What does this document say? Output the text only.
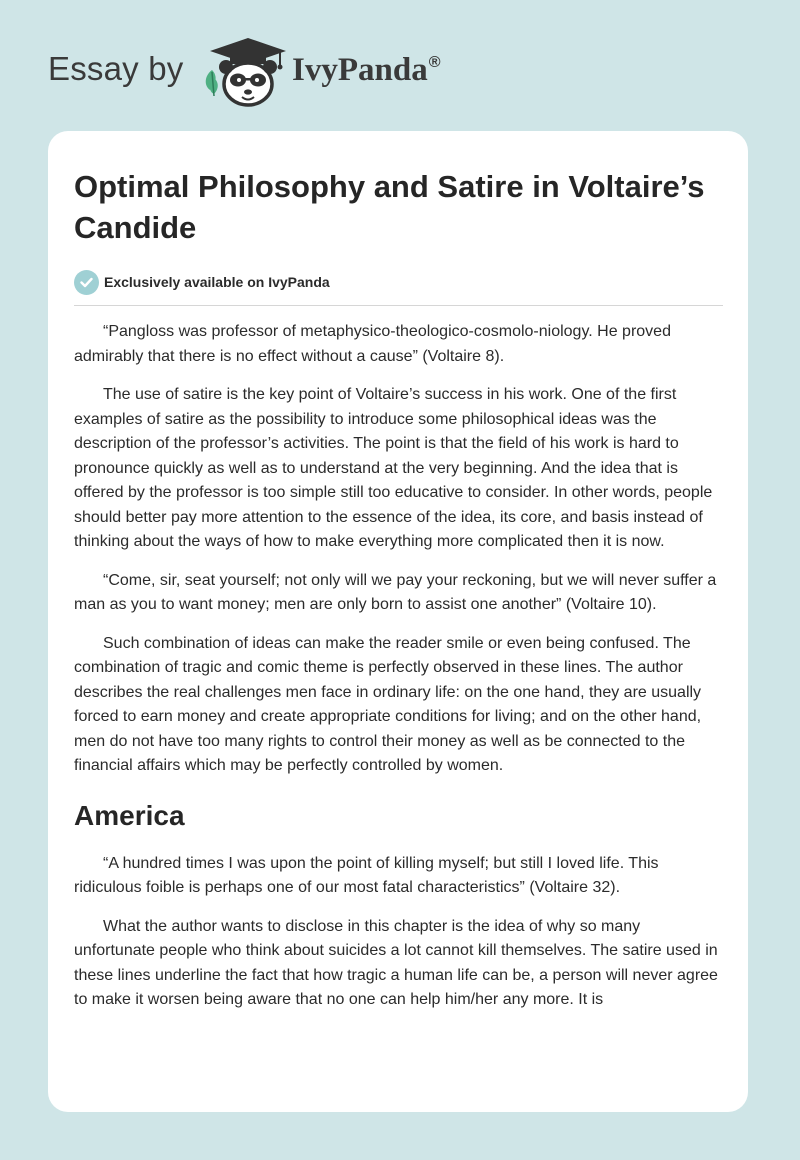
Essay by	IvyPanda®
Optimal Philosophy and Satire in Voltaire’s Candide
Exclusively available on IvyPanda

“Pangloss was professor of metaphysico-theologico-cosmolo-niology. He proved admirably that there is no effect without a cause” (Voltaire 8).

The use of satire is the key point of Voltaire’s success in his work. One of the first examples of satire as the possibility to introduce some philosophical ideas was the description of the professor’s activities. The point is that the field of his work is hard to pronounce quickly as well as to understand at the very beginning. And the idea that is offered by the professor is too simple still too educative to consider. In other words, people should better pay more attention to the essence of the idea, its core, and basis instead of thinking about the ways of how to make everything more complicated then it is now.

“Come, sir, seat yourself; not only will we pay your reckoning, but we will never suffer a man as you to want money; men are only born to assist one another” (Voltaire 10).

Such combination of ideas can make the reader smile or even being confused. The combination of tragic and comic theme is perfectly observed in these lines. The author describes the real challenges men face in ordinary life: on the one hand, they are usually forced to earn money and create appropriate conditions for living; and on the other hand, men do not have too many rights to control their money as well as be connected to the financial affairs which may be perfectly controlled by women.

America

“A hundred times I was upon the point of killing myself; but still I loved life. This ridiculous foible is perhaps one of our most fatal characteristics” (Voltaire 32).

What the author wants to disclose in this chapter is the idea of why so many unfortunate people who think about suicides a lot cannot kill themselves. The satire used in these lines underline the fact that how tragic a human life can be, a person will never agree to make it worsen being aware that no one can help him/her any more. It is
